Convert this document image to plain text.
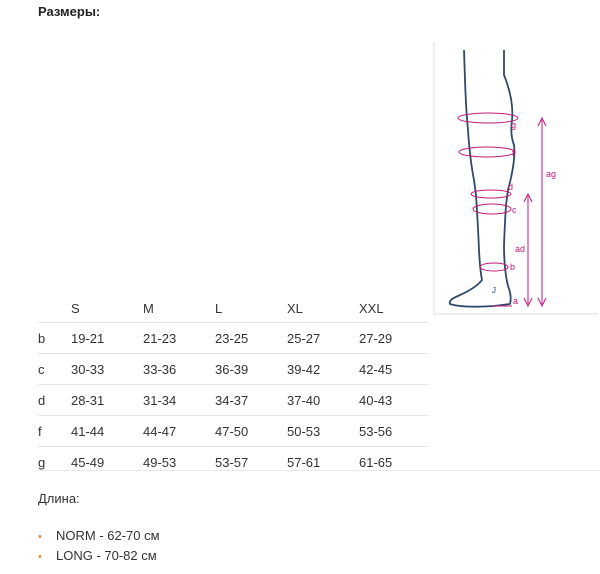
Размеры:
	S	M	L	XL	XXL
b	19-21	21-23	23-25	25-27	27-29
c	30-33	33-36	36-39	39-42	42-45
d	28-31	31-34	34-37	37-40	40-43
f	41-44	44-47	47-50	50-53	53-56
g	45-49	49-53	53-57	57-61	61-65
Длина:
• NORM - 62-70 см
• LONG - 70-82 см
g
f
d
c
b
a
ag
ad
J
